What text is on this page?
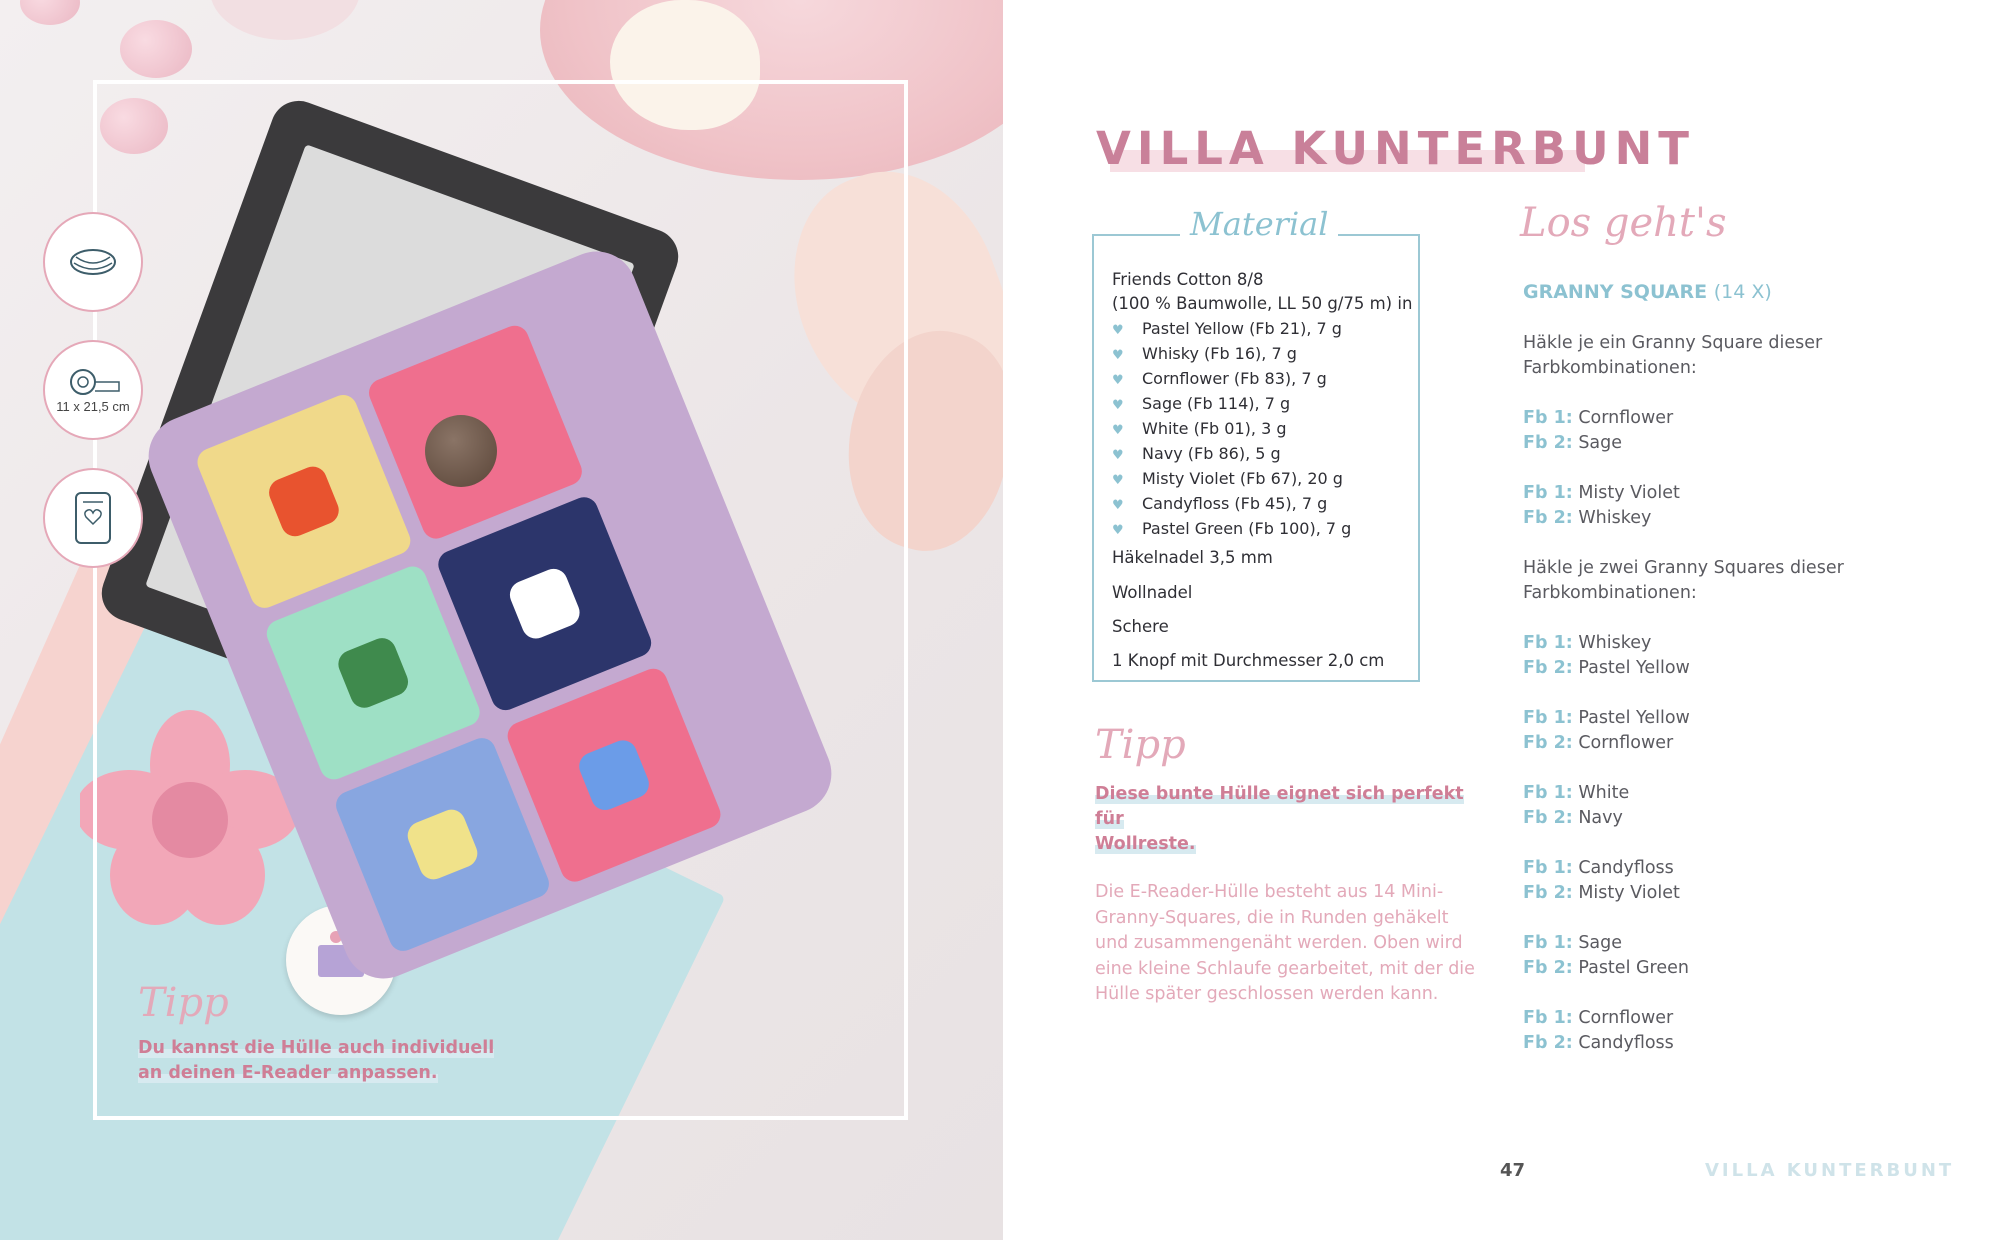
11 x 21,5 cm
Tipp
Du kannst die Hülle auch individuell
an deinen E-Reader anpassen.
VILLA KUNTERBUNT
Material
Friends Cotton 8/8
(100 % Baumwolle, LL 50 g/75 m) in
♥ Pastel Yellow (Fb 21), 7 g
♥ Whisky (Fb 16), 7 g
♥ Cornflower (Fb 83), 7 g
♥ Sage (Fb 114), 7 g
♥ White (Fb 01), 3 g
♥ Navy (Fb 86), 5 g
♥ Misty Violet (Fb 67), 20 g
♥ Candyfloss (Fb 45), 7 g
♥ Pastel Green (Fb 100), 7 g
Häkelnadel 3,5 mm
Wollnadel
Schere
1 Knopf mit Durchmesser 2,0 cm
Tipp
Diese bunte Hülle eignet sich perfekt für
Wollreste.
Die E-Reader-Hülle besteht aus 14 Mini-Granny-Squares, die in Runden gehäkelt und zusammengenäht werden. Oben wird eine kleine Schlaufe gearbeitet, mit der die Hülle später geschlossen werden kann.
Los geht's
GRANNY SQUARE (14 X)
Häkle je ein Granny Square dieser Farbkombinationen:
Fb 1: Cornflower
Fb 2: Sage
Fb 1: Misty Violet
Fb 2: Whiskey
Häkle je zwei Granny Squares dieser Farbkombinationen:
Fb 1: Whiskey
Fb 2: Pastel Yellow
Fb 1: Pastel Yellow
Fb 2: Cornflower
Fb 1: White
Fb 2: Navy
Fb 1: Candyfloss
Fb 2: Misty Violet
Fb 1: Sage
Fb 2: Pastel Green
Fb 1: Cornflower
Fb 2: Candyfloss
47	VILLA KUNTERBUNT
